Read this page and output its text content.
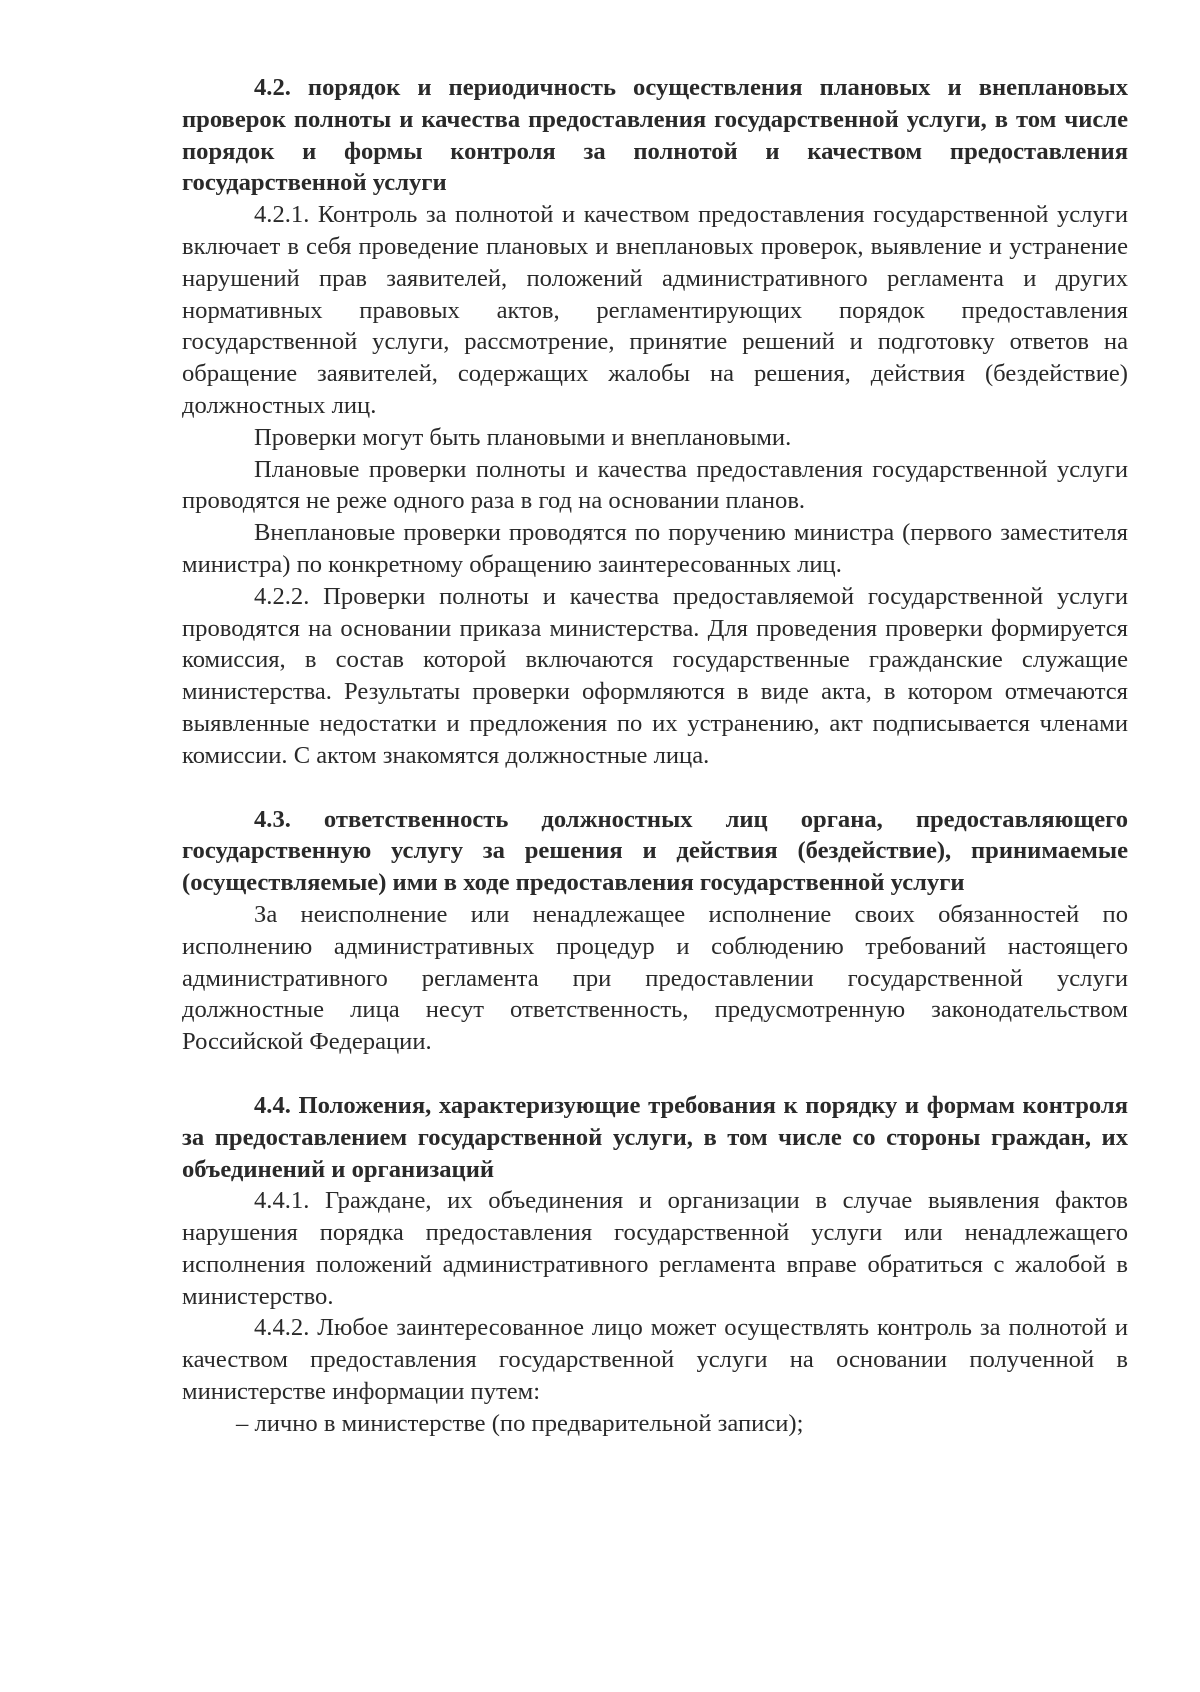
4.2. порядок и периодичность осуществления плановых и внеплановых проверок полноты и качества предоставления государственной услуги, в том числе порядок и формы контроля за полнотой и качеством предоставления государственной услуги

4.2.1. Контроль за полнотой и качеством предоставления государственной услуги включает в себя проведение плановых и внеплановых проверок, выявление и устранение нарушений прав заявителей, положений административного регламента и других нормативных правовых актов, регламентирующих порядок предоставления государственной услуги, рассмотрение, принятие решений и подготовку ответов на обращение заявителей, содержащих жалобы на решения, действия (бездействие) должностных лиц.

Проверки могут быть плановыми и внеплановыми.

Плановые проверки полноты и качества предоставления государственной услуги проводятся не реже одного раза в год на основании планов.

Внеплановые проверки проводятся по поручению министра (первого заместителя министра) по конкретному обращению заинтересованных лиц.

4.2.2. Проверки полноты и качества предоставляемой государственной услуги проводятся на основании приказа министерства. Для проведения проверки формируется комиссия, в состав которой включаются государственные гражданские служащие министерства. Результаты проверки оформляются в виде акта, в котором отмечаются выявленные недостатки и предложения по их устранению, акт подписывается членами комиссии. С актом знакомятся должностные лица.

4.3. ответственность должностных лиц органа, предоставляющего государственную услугу за решения и действия (бездействие), принимаемые (осуществляемые) ими в ходе предоставления государственной услуги

За неисполнение или ненадлежащее исполнение своих обязанностей по исполнению административных процедур и соблюдению требований настоящего административного регламента при предоставлении государственной услуги должностные лица несут ответственность, предусмотренную законодательством Российской Федерации.

4.4. Положения, характеризующие требования к порядку и формам контроля за предоставлением государственной услуги, в том числе со стороны граждан, их объединений и организаций

4.4.1. Граждане, их объединения и организации в случае выявления фактов нарушения порядка предоставления государственной услуги или ненадлежащего исполнения положений административного регламента вправе обратиться с жалобой в министерство.

4.4.2. Любое заинтересованное лицо может осуществлять контроль за полнотой и качеством предоставления государственной услуги на основании полученной в министерстве информации путем:

– лично в министерстве (по предварительной записи);
